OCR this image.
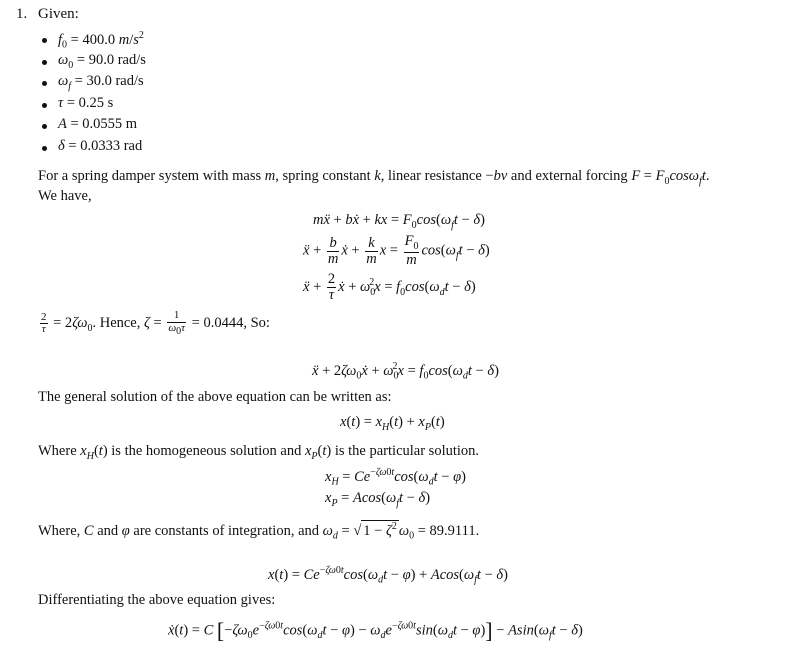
1. Given:
$f_0 = 400.0$ $m/s^2$
$\omega_0 = 90.0$ rad/s
$\omega_f = 30.0$ rad/s
τ = 0.25 s
A = 0.0555 m
δ = 0.0333 rad
For a spring damper system with mass m, spring constant k, linear resistance −bv and external forcing $F = F_0\cos\omega_ft$.
We have,
mẍ + bẋ + kx = $F_0\cos(\omega_ft - \delta)$
ẍ + $\frac{b}{m}$ ẋ + $\frac{k}{m}$ $x = \frac{F_0}{m} \cos(\omega_ft - \delta)$
ẍ + $\frac{2}{\tau}$ ẋ + $\omega_0^2x = f_0\cos(\omega_dt - \delta)$
$\frac{2}{\tau} = 2\zeta\omega_0$. Hence, $\zeta = \frac{1}{\omega 0\tau} = 0.0444$, So:
ẍ + $2\zeta\omega_0ẋ + \omega_0^2x = f_0\cos(\omega_dt - \delta)$
The general solution of the above equation can be written as:
$x(t) = x_H(t) + x_P(t)$
Where $x_H(t)$ is the homogeneous solution and $x_P(t)$ is the particular solution.
$x_H = Ce^{-\zeta\omega 0t}\cos(\omega_dt - \varphi)$
$x_P = Acos(\omega_ft - \delta)$
Where, C and φ are constants of integration, and $\omega_d$ = √ $1 - \zeta^2$ $\omega_0 = 89.9111$.
$x(t) = Ce^{-\zeta\omega 0t}\cos(\omega_dt - \varphi) + Acos(\omega_ft - \delta)$
Differentiating the above equation gives:
ẋ(t) = C $[-\zeta\omega_0e^{-\zeta\omega 0t}\cos(\omega_dt - \varphi) - \omega_de^{-\zeta\omega 0t}\sin(\omega_dt - \varphi)] - Asin(\omega_ft - \delta)$
